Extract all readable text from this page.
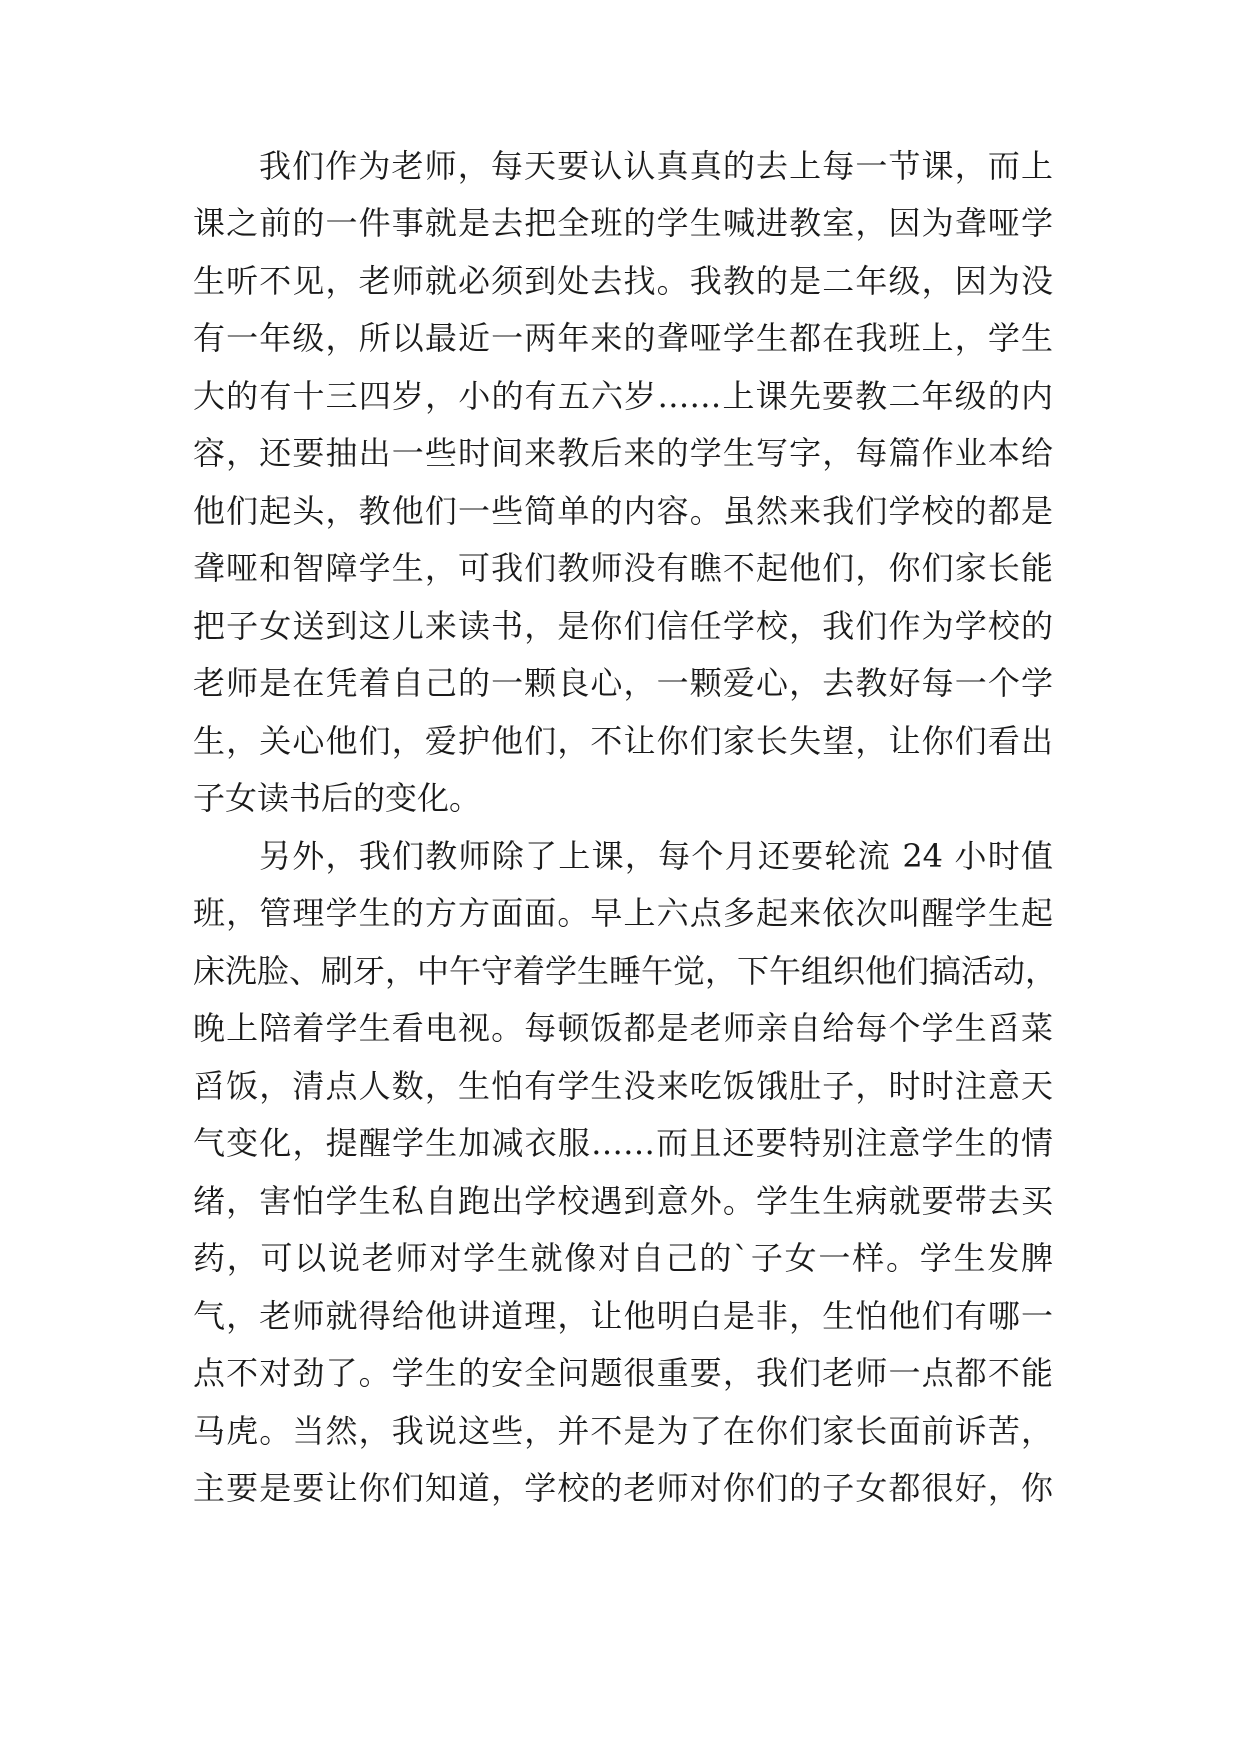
我们作为老师，每天要认认真真的去上每一节课，而上
课之前的一件事就是去把全班的学生喊进教室，因为聋哑学
生听不见，老师就必须到处去找。我教的是二年级，因为没
有一年级，所以最近一两年来的聋哑学生都在我班上，学生
大的有十三四岁，小的有五六岁……上课先要教二年级的内
容，还要抽出一些时间来教后来的学生写字，每篇作业本给
他们起头，教他们一些简单的内容。虽然来我们学校的都是
聋哑和智障学生，可我们教师没有瞧不起他们，你们家长能
把子女送到这儿来读书，是你们信任学校，我们作为学校的
老师是在凭着自己的一颗良心，一颗爱心，去教好每一个学
生，关心他们，爱护他们，不让你们家长失望，让你们看出
子女读书后的变化。
另外，我们教师除了上课，每个月还要轮流 24 小时值
班，管理学生的方方面面。早上六点多起来依次叫醒学生起
床洗脸、刷牙，中午守着学生睡午觉，下午组织他们搞活动，
晚上陪着学生看电视。每顿饭都是老师亲自给每个学生舀菜
舀饭，清点人数，生怕有学生没来吃饭饿肚子，时时注意天
气变化，提醒学生加减衣服……而且还要特别注意学生的情
绪，害怕学生私自跑出学校遇到意外。学生生病就要带去买
药，可以说老师对学生就像对自己的`子女一样。学生发脾
气，老师就得给他讲道理，让他明白是非，生怕他们有哪一
点不对劲了。学生的安全问题很重要，我们老师一点都不能
马虎。当然，我说这些，并不是为了在你们家长面前诉苦，
主要是要让你们知道，学校的老师对你们的子女都很好，你
